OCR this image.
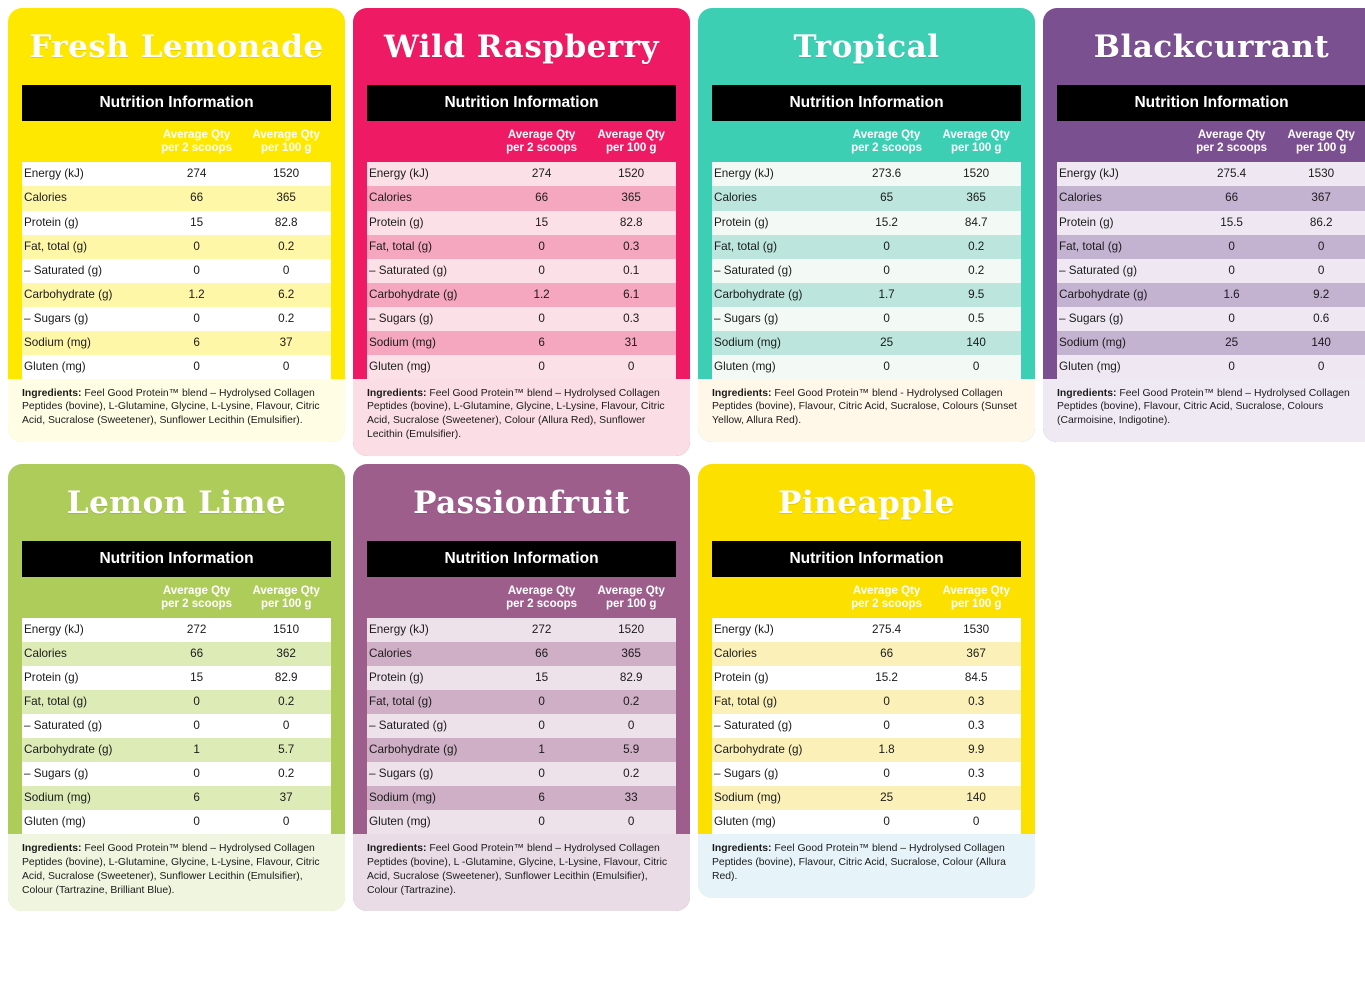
Fresh Lemonade
Nutrition Information
Average Qty
per 2 scoops
Average Qty
per 100 g
Energy (kJ)	274	1520
Calories	66	365
Protein (g)	15	82.8
Fat, total (g)	0	0.2
– Saturated (g)	0	0
Carbohydrate (g)	1.2	6.2
– Sugars (g)	0	0.2
Sodium (mg)	6	37
Gluten (mg)	0	0
Ingredients: Feel Good Protein™ blend – Hydrolysed Collagen Peptides (bovine), L-Glutamine, Glycine, L-Lysine, Flavour, Citric Acid, Sucralose (Sweetener), Sunflower Lecithin (Emulsifier).
Wild Raspberry
Nutrition Information
Average Qty
per 2 scoops
Average Qty
per 100 g
Energy (kJ)	274	1520
Calories	66	365
Protein (g)	15	82.8
Fat, total (g)	0	0.3
– Saturated (g)	0	0.1
Carbohydrate (g)	1.2	6.1
– Sugars (g)	0	0.3
Sodium (mg)	6	31
Gluten (mg)	0	0
Ingredients: Feel Good Protein™ blend – Hydrolysed Collagen Peptides (bovine), L-Glutamine, Glycine, L-Lysine, Flavour, Citric Acid, Sucralose (Sweetener), Colour (Allura Red), Sunflower Lecithin (Emulsifier).
Tropical
Nutrition Information
Average Qty
per 2 scoops
Average Qty
per 100 g
Energy (kJ)	273.6	1520
Calories	65	365
Protein (g)	15.2	84.7
Fat, total (g)	0	0.2
– Saturated (g)	0	0.2
Carbohydrate (g)	1.7	9.5
– Sugars (g)	0	0.5
Sodium (mg)	25	140
Gluten (mg)	0	0
Ingredients: Feel Good Protein™ blend - Hydrolysed Collagen Peptides (bovine), Flavour, Citric Acid, Sucralose, Colours (Sunset Yellow, Allura Red).
Blackcurrant
Nutrition Information
Average Qty
per 2 scoops
Average Qty
per 100 g
Energy (kJ)	275.4	1530
Calories	66	367
Protein (g)	15.5	86.2
Fat, total (g)	0	0
– Saturated (g)	0	0
Carbohydrate (g)	1.6	9.2
– Sugars (g)	0	0.6
Sodium (mg)	25	140
Gluten (mg)	0	0
Ingredients: Feel Good Protein™ blend – Hydrolysed Collagen Peptides (bovine), Flavour, Citric Acid, Sucralose, Colours (Carmoisine, Indigotine).
Lemon Lime
Nutrition Information
Average Qty
per 2 scoops
Average Qty
per 100 g
Energy (kJ)	272	1510
Calories	66	362
Protein (g)	15	82.9
Fat, total (g)	0	0.2
– Saturated (g)	0	0
Carbohydrate (g)	1	5.7
– Sugars (g)	0	0.2
Sodium (mg)	6	37
Gluten (mg)	0	0
Ingredients: Feel Good Protein™ blend – Hydrolysed Collagen Peptides (bovine), L-Glutamine, Glycine, L-Lysine, Flavour, Citric Acid, Sucralose (Sweetener), Sunflower Lecithin (Emulsifier), Colour (Tartrazine, Brilliant Blue).
Passionfruit
Nutrition Information
Average Qty
per 2 scoops
Average Qty
per 100 g
Energy (kJ)	272	1520
Calories	66	365
Protein (g)	15	82.9
Fat, total (g)	0	0.2
– Saturated (g)	0	0
Carbohydrate (g)	1	5.9
– Sugars (g)	0	0.2
Sodium (mg)	6	33
Gluten (mg)	0	0
Ingredients: Feel Good Protein™ blend – Hydrolysed Collagen Peptides (bovine), L -Glutamine, Glycine, L-Lysine, Flavour, Citric Acid, Sucralose (Sweetener), Sunflower Lecithin (Emulsifier), Colour (Tartrazine).
Pineapple
Nutrition Information
Average Qty
per 2 scoops
Average Qty
per 100 g
Energy (kJ)	275.4	1530
Calories	66	367
Protein (g)	15.2	84.5
Fat, total (g)	0	0.3
– Saturated (g)	0	0.3
Carbohydrate (g)	1.8	9.9
– Sugars (g)	0	0.3
Sodium (mg)	25	140
Gluten (mg)	0	0
Ingredients: Feel Good Protein™ blend – Hydrolysed Collagen Peptides (bovine), Flavour, Citric Acid, Sucralose, Colour (Allura Red).
